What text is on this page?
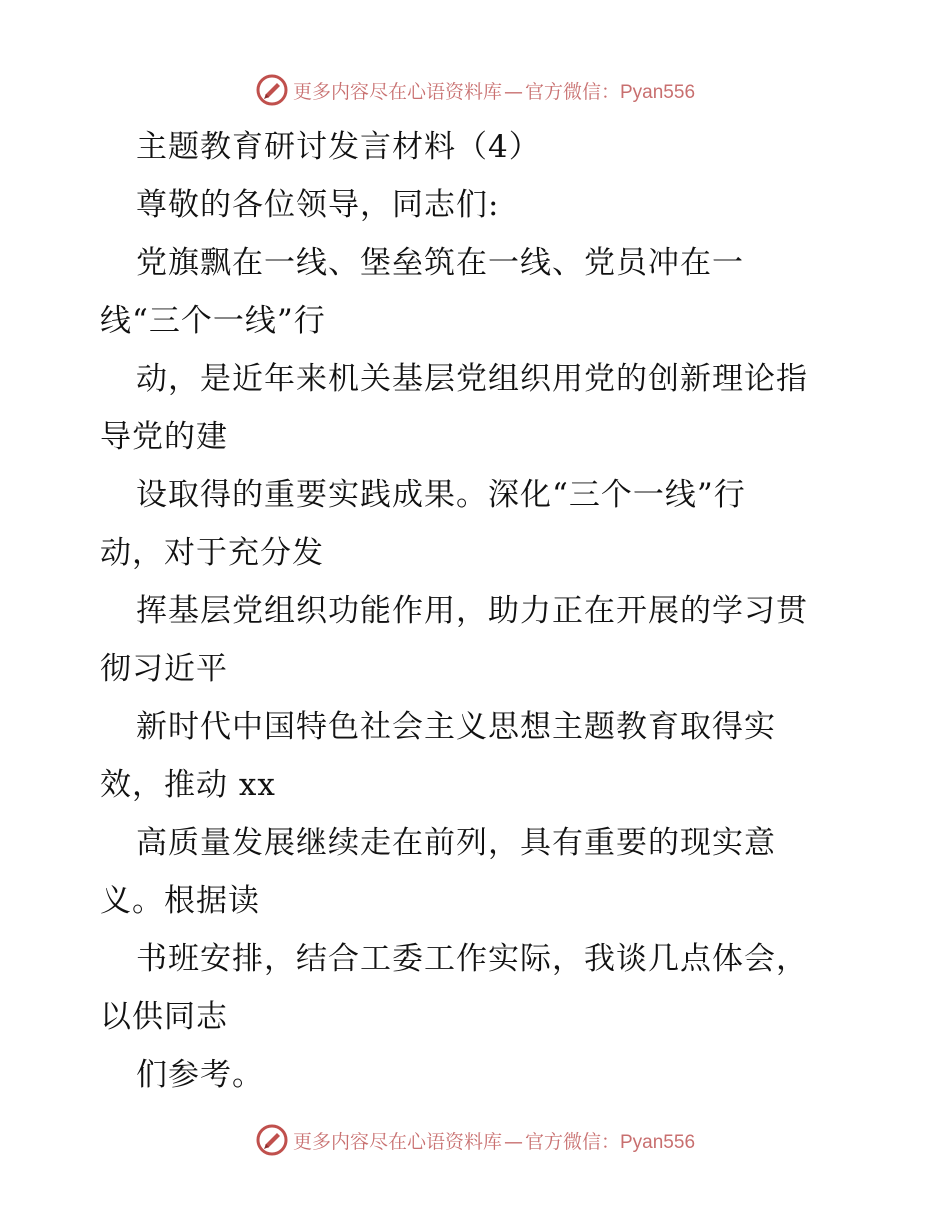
更多内容尽在心语资料库 — 官方微信：Pyan556
主题教育研讨发言材料（4）
尊敬的各位领导，同志们:
党旗飘在一线、堡垒筑在一线、党员冲在一
线“三个一线”行
动，是近年来机关基层党组织用党的创新理论指
导党的建
设取得的重要实践成果。深化“三个一线”行
动，对于充分发
挥基层党组织功能作用，助力正在开展的学习贯
彻习近平
新时代中国特色社会主义思想主题教育取得实
效，推动 xx
高质量发展继续走在前列，具有重要的现实意
义。根据读
书班安排，结合工委工作实际，我谈几点体会，
以供同志
们参考。
更多内容尽在心语资料库 — 官方微信：Pyan556
